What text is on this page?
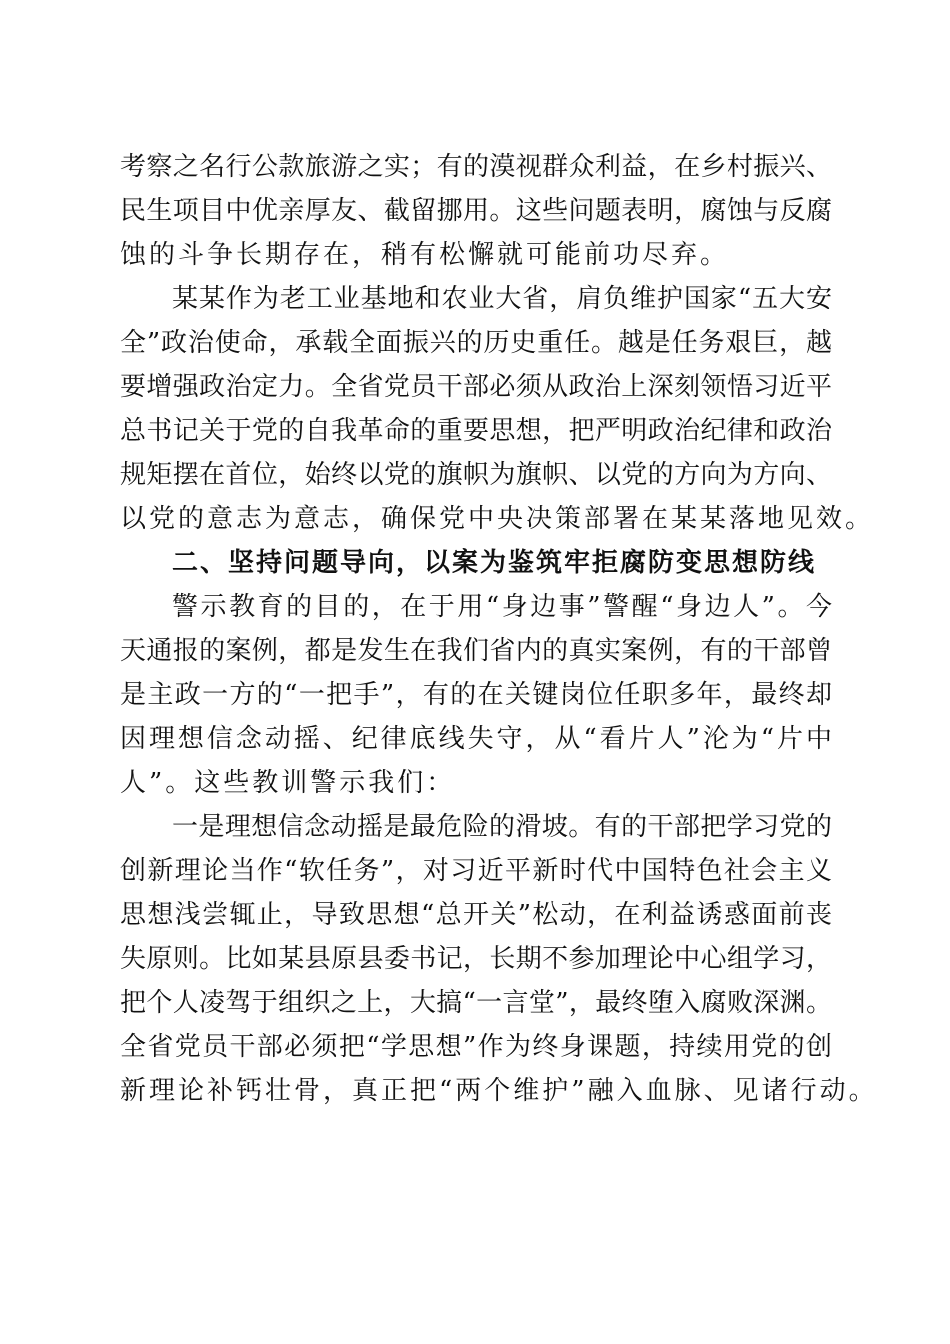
考察之名行公款旅游之实；有的漠视群众利益，在乡村振兴、
民生项目中优亲厚友、截留挪用。这些问题表明，腐蚀与反腐
蚀的斗争长期存在，稍有松懈就可能前功尽弃。
某某作为老工业基地和农业大省，肩负维护国家“五大安
全”政治使命，承载全面振兴的历史重任。越是任务艰巨，越
要增强政治定力。全省党员干部必须从政治上深刻领悟习近平
总书记关于党的自我革命的重要思想，把严明政治纪律和政治
规矩摆在首位，始终以党的旗帜为旗帜、以党的方向为方向、
以党的意志为意志，确保党中央决策部署在某某落地见效。
二、坚持问题导向，以案为鉴筑牢拒腐防变思想防线
警示教育的目的，在于用“身边事”警醒“身边人”。今
天通报的案例，都是发生在我们省内的真实案例，有的干部曾
是主政一方的“一把手”，有的在关键岗位任职多年，最终却
因理想信念动摇、纪律底线失守，从“看片人”沦为“片中
人”。这些教训警示我们：
一是理想信念动摇是最危险的滑坡。有的干部把学习党的
创新理论当作“软任务”，对习近平新时代中国特色社会主义
思想浅尝辄止，导致思想“总开关”松动，在利益诱惑面前丧
失原则。比如某县原县委书记，长期不参加理论中心组学习，
把个人凌驾于组织之上，大搞“一言堂”，最终堕入腐败深渊。
全省党员干部必须把“学思想”作为终身课题，持续用党的创
新理论补钙壮骨，真正把“两个维护”融入血脉、见诸行动。
